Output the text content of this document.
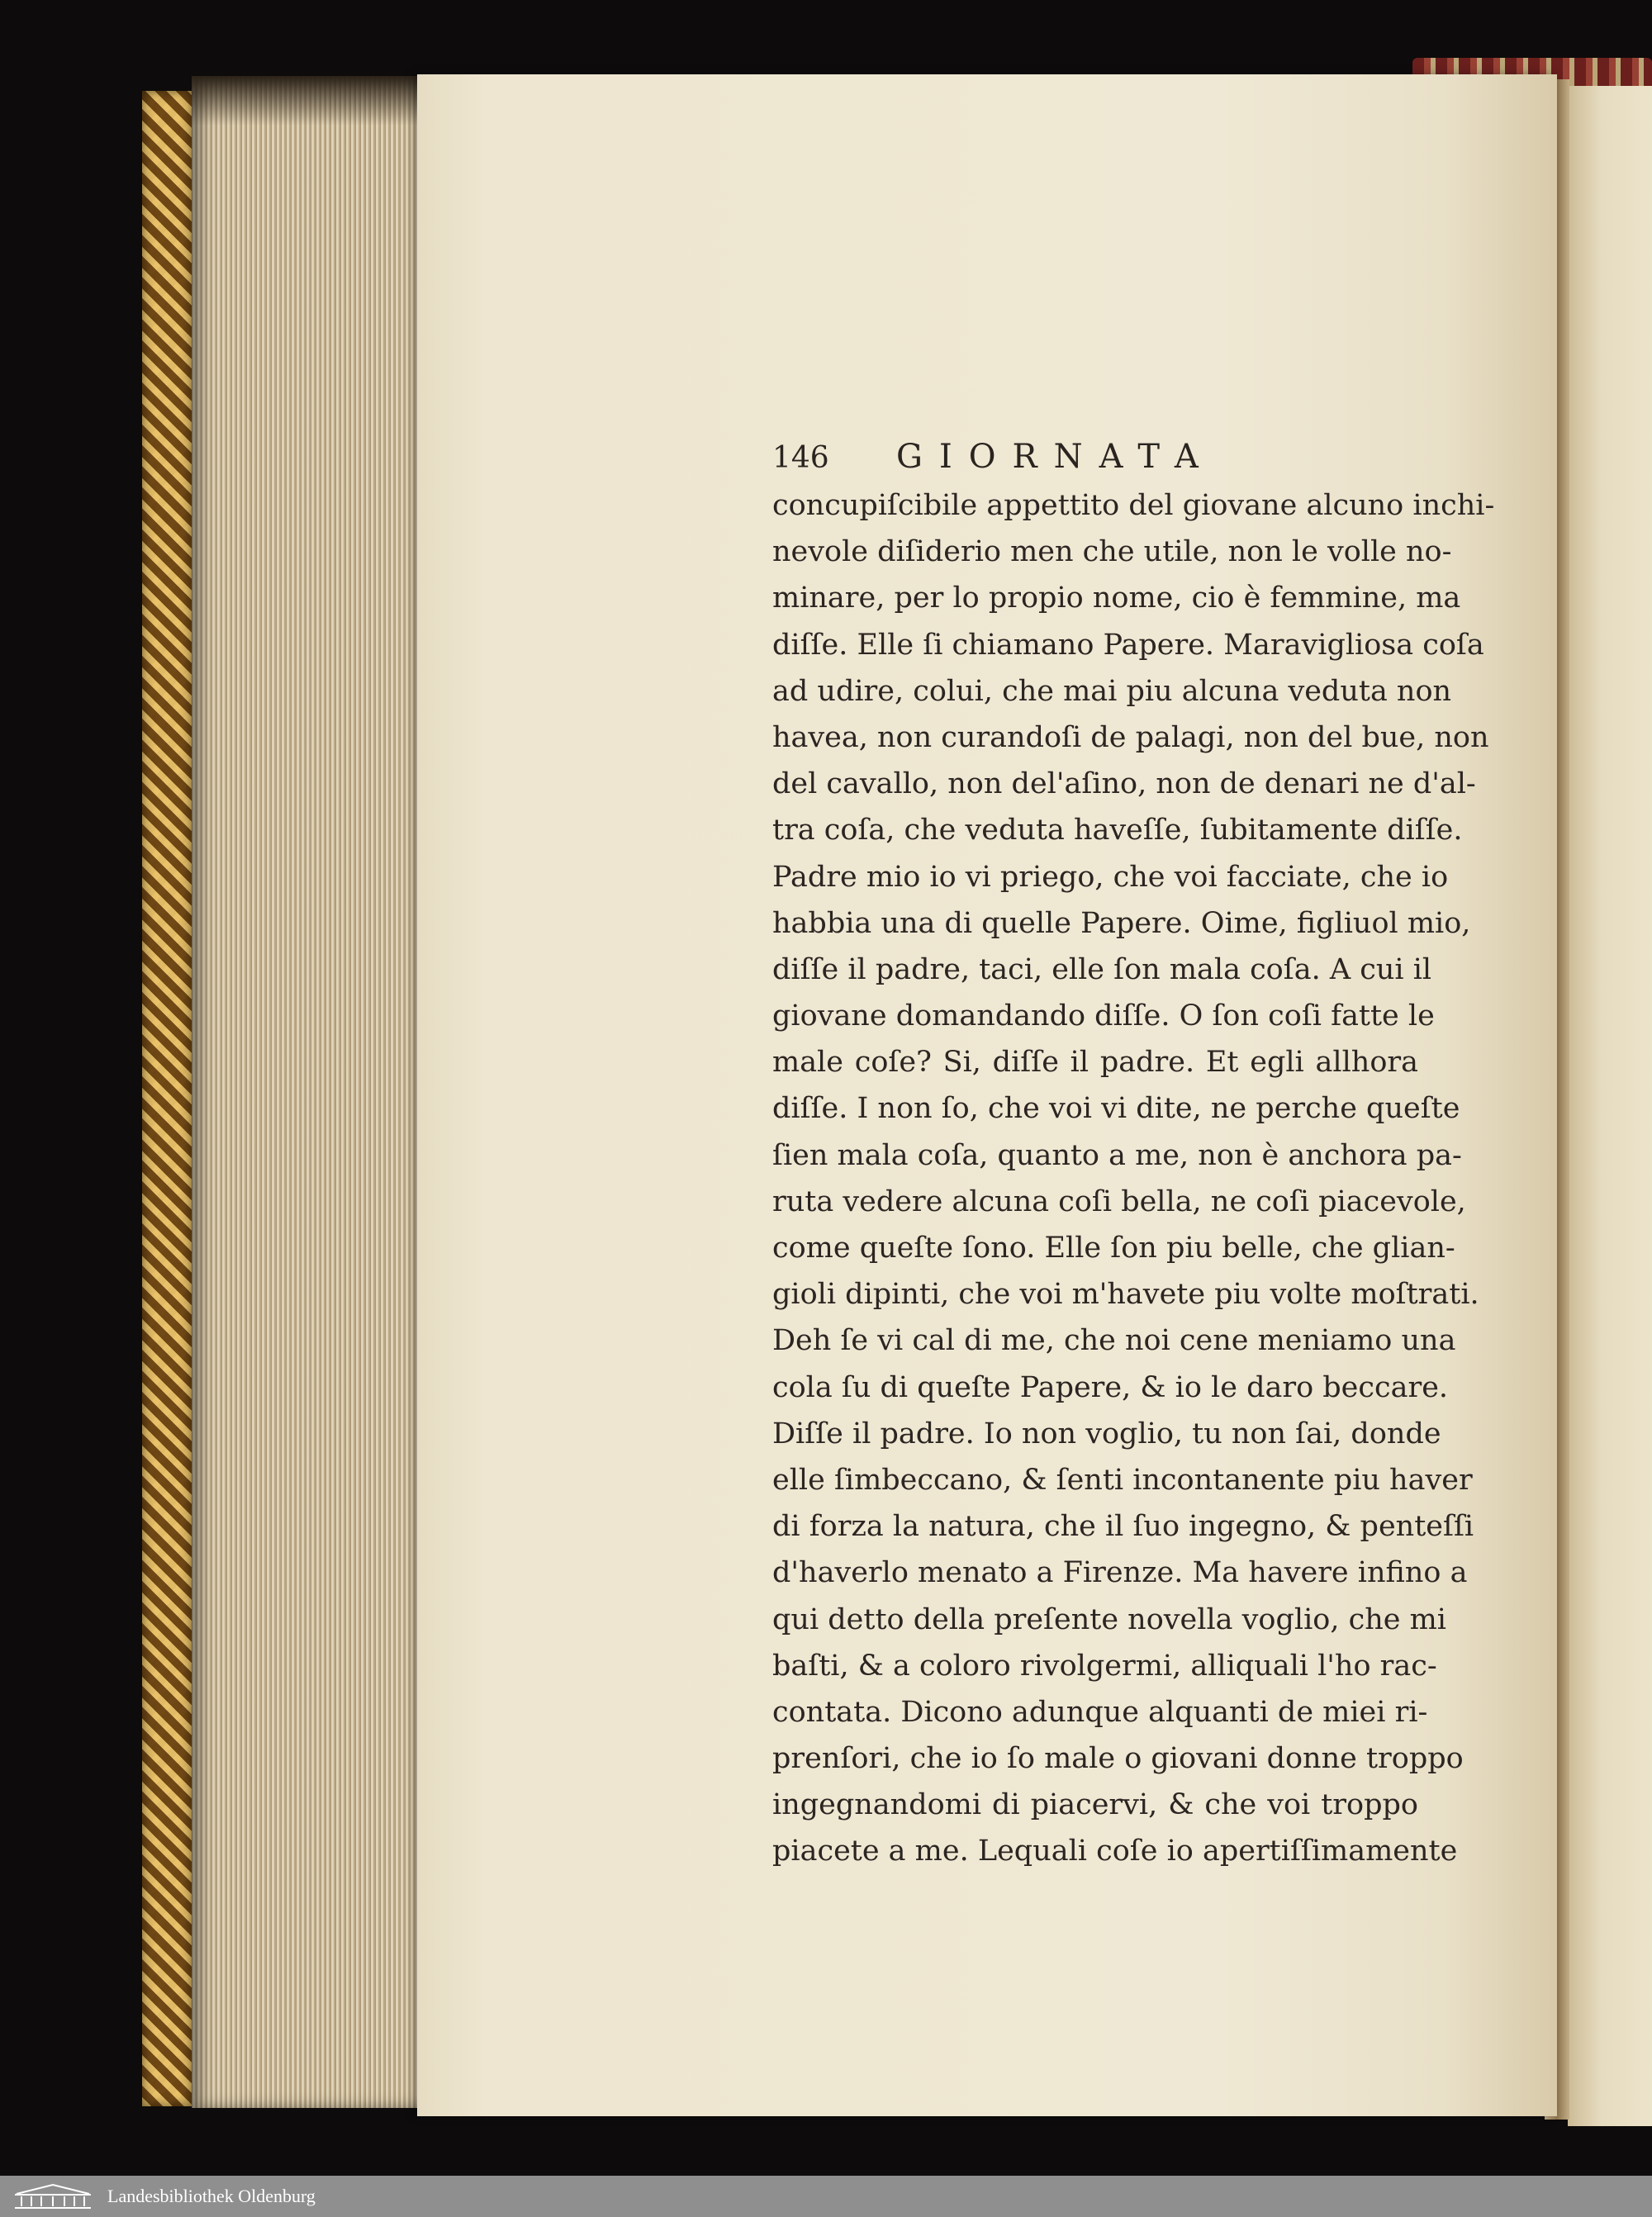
146 GIORNATA
concupiſcibile appettito del giovane alcuno inchi-
nevole diſiderio men che utile, non le volle no-
minare, per lo propio nome, cio è femmine, ma
diſſe. Elle ſi chiamano Papere. Maravigliosa coſa
ad udire, colui, che mai piu alcuna veduta non
havea, non curandoſi de palagi, non del bue, non
del cavallo, non del'aſino, non de denari ne d'al-
tra coſa, che veduta haveſſe, ſubitamente diſſe.
Padre mio io vi priego, che voi facciate, che io
habbia una di quelle Papere. Oime, figliuol mio,
diſſe il padre, taci, elle ſon mala coſa. A cui il
giovane domandando diſſe. O ſon coſi fatte le
male coſe? Si, diſſe il padre. Et egli allhora
diſſe. I non ſo, che voi vi dite, ne perche queſte
ſien mala coſa, quanto a me, non è anchora pa-
ruta vedere alcuna coſi bella, ne coſi piacevole,
come queſte ſono. Elle ſon piu belle, che glian-
gioli dipinti, che voi m'havete piu volte moſtrati.
Deh ſe vi cal di me, che noi cene meniamo una
cola ſu di queſte Papere, & io le daro beccare.
Diſſe il padre. Io non voglio, tu non ſai, donde
elle ſimbeccano, & ſenti incontanente piu haver
di forza la natura, che il ſuo ingegno, & penteſſi
d'haverlo menato a Firenze. Ma havere infino a
qui detto della preſente novella voglio, che mi
baſti, & a coloro rivolgermi, alliquali l'ho rac-
contata. Dicono adunque alquanti de miei ri-
prenſori, che io ſo male o giovani donne troppo
ingegnandomi di piacervi, & che voi troppo
piacete a me. Lequali coſe io apertiſſimamente
Landesbibliothek Oldenburg
